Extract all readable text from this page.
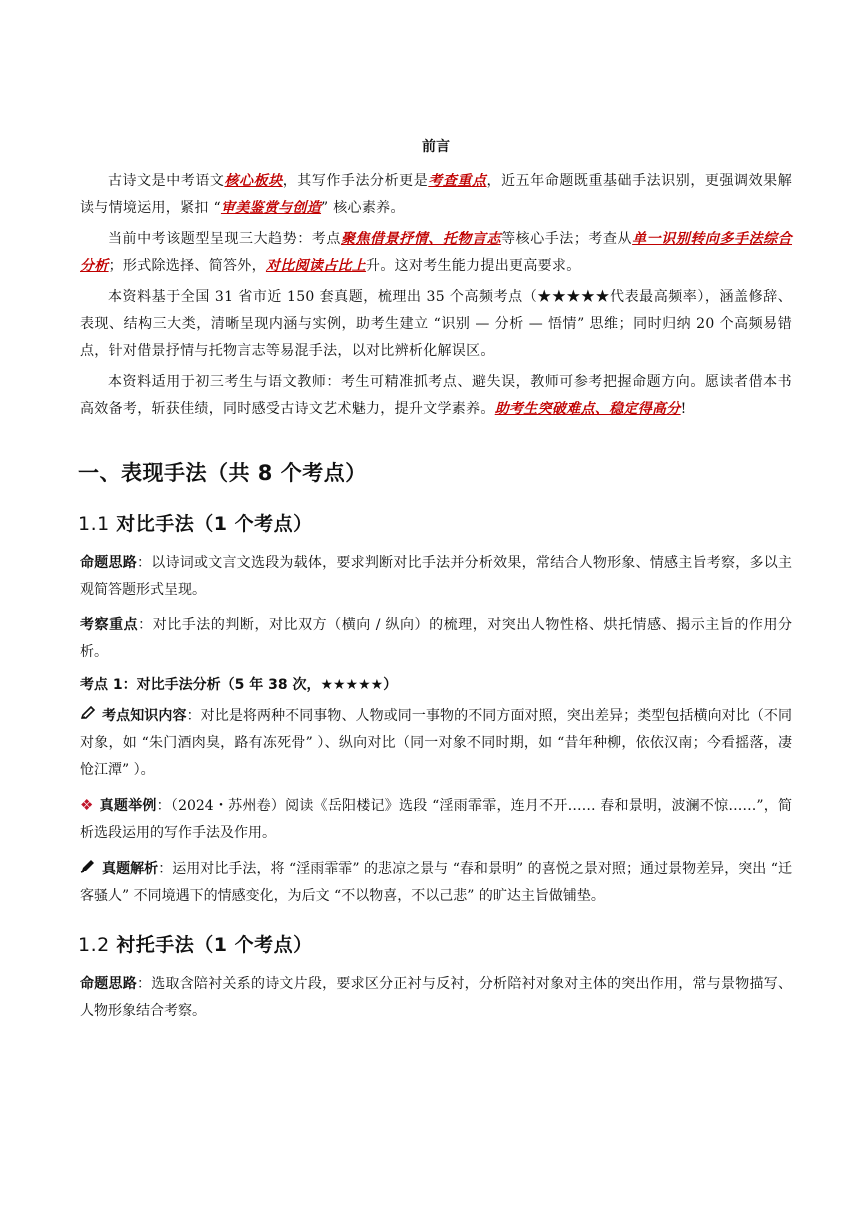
前言

古诗文是中考语文核心板块，其写作手法分析更是考查重点，近五年命题既重基础手法识别，更强调效果解读与情境运用，紧扣 “审美鉴赏与创造” 核心素养。

当前中考该题型呈现三大趋势：考点聚焦借景抒情、托物言志等核心手法；考查从单一识别转向多手法综合分析；形式除选择、简答外，对比阅读占比上升。这对考生能力提出更高要求。

本资料基于全国 31 省市近 150 套真题，梳理出 35 个高频考点（★★★★★代表最高频率），涵盖修辞、表现、结构三大类，清晰呈现内涵与实例，助考生建立 “识别 — 分析 — 悟情” 思维；同时归纳 20 个高频易错点，针对借景抒情与托物言志等易混手法，以对比辨析化解误区。

本资料适用于初三考生与语文教师：考生可精准抓考点、避失误，教师可参考把握命题方向。愿读者借本书高效备考，斩获佳绩，同时感受古诗文艺术魅力，提升文学素养。助考生突破难点、稳定得高分!

一、表现手法（共 8 个考点）
1.1 对比手法（1 个考点）
命题思路：以诗词或文言文选段为载体，要求判断对比手法并分析效果，常结合人物形象、情感主旨考察，多以主观简答题形式呈现。
考察重点：对比手法的判断，对比双方（横向 / 纵向）的梳理，对突出人物性格、烘托情感、揭示主旨的作用分析。
考点 1：对比手法分析（5 年 38 次，★★★★★）
考点知识内容：对比是将两种不同事物、人物或同一事物的不同方面对照，突出差异；类型包括横向对比（不同对象，如 “朱门酒肉臭，路有冻死骨” ）、纵向对比（同一对象不同时期，如 “昔年种柳，依依汉南；今看摇落，凄怆江潭” ）。
❖ 真题举例：（2024・苏州卷）阅读《岳阳楼记》选段 “淫雨霏霏，连月不开…… 春和景明，波澜不惊……”，简析选段运用的写作手法及作用。
真题解析：运用对比手法，将 “淫雨霏霏” 的悲凉之景与 “春和景明” 的喜悦之景对照；通过景物差异，突出 “迁客骚人” 不同境遇下的情感变化，为后文 “不以物喜，不以己悲” 的旷达主旨做铺垫。
1.2 衬托手法（1 个考点）
命题思路：选取含陪衬关系的诗文片段，要求区分正衬与反衬，分析陪衬对象对主体的突出作用，常与景物描写、人物形象结合考察。
